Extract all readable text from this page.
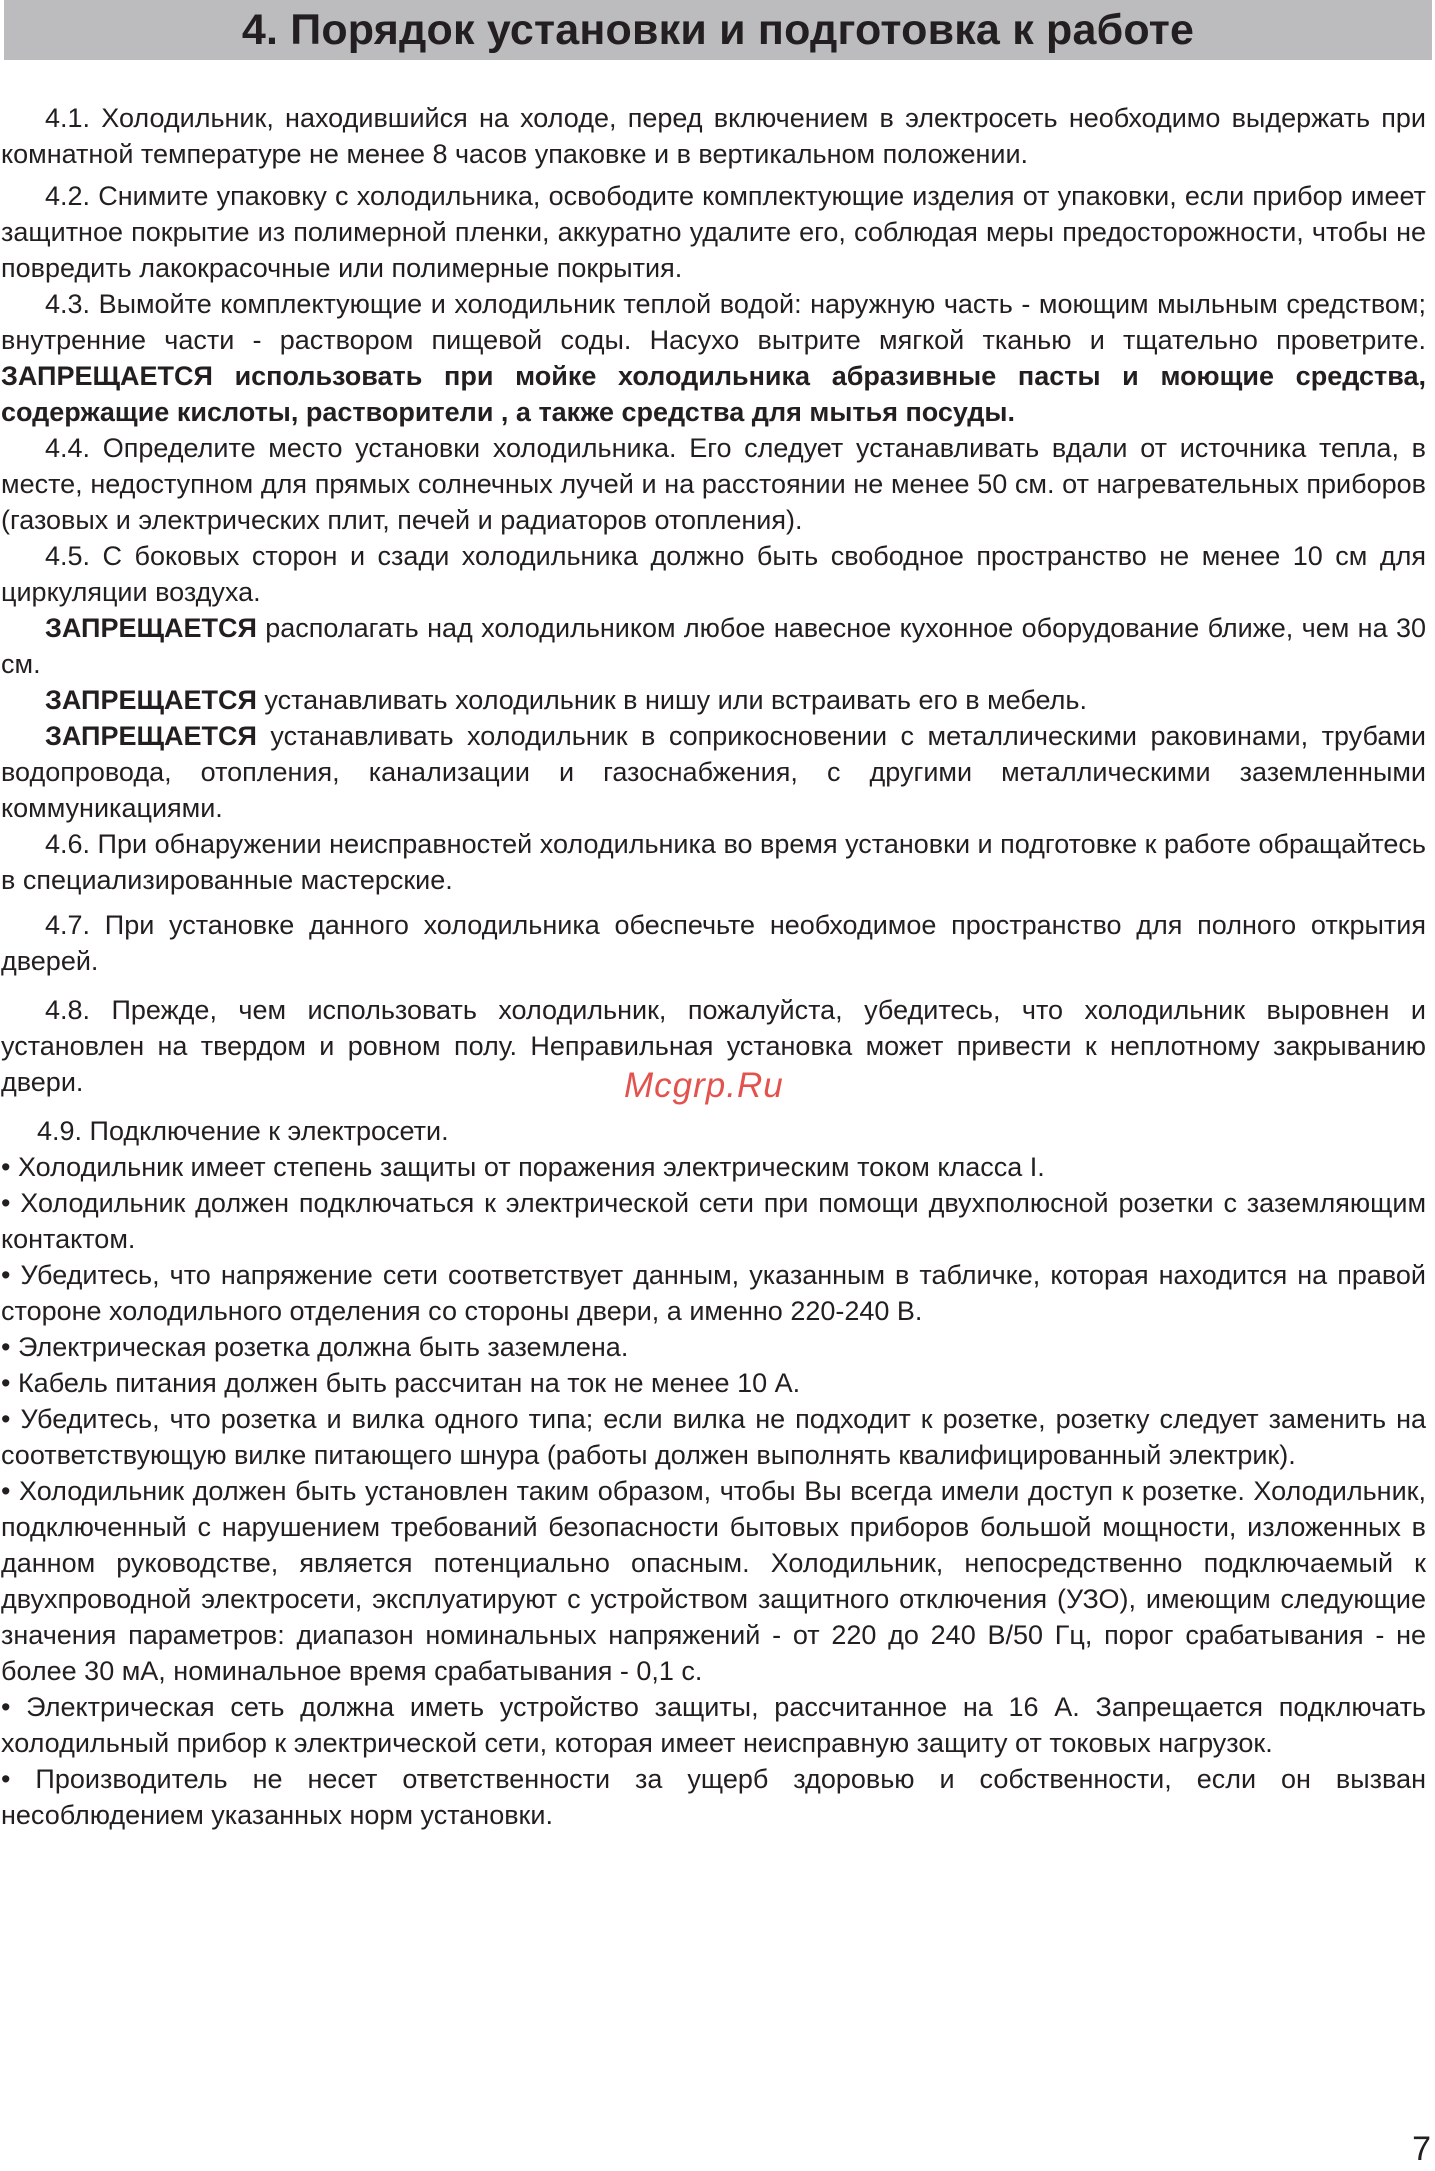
4. Порядок установки и подготовка к работе

4.1. Холодильник, находившийся на холоде, перед включением в электросеть необходимо выдержать при комнатной температуре не менее 8 часов упаковке и в вертикальном положении.

4.2. Снимите упаковку с холодильника, освободите комплектующие изделия от упаковки, если прибор имеет защитное покрытие из полимерной пленки, аккуратно удалите его, соблюдая меры предосторожности, чтобы не повредить лакокрасочные или полимерные покрытия.

4.3. Вымойте комплектующие и холодильник теплой водой: наружную часть - моющим мыльным средством; внутренние части - раствором пищевой соды. Насухо вытрите мягкой тканью и тщательно проветрите. ЗАПРЕЩАЕТСЯ использовать при мойке холодильника абразивные пасты и моющие средства, содержащие кислоты, растворители , а также средства для мытья посуды.

4.4. Определите место установки холодильника. Его следует устанавливать вдали от источника тепла, в месте, недоступном для прямых солнечных лучей и на расстоянии не менее 50 см. от нагревательных приборов (газовых и электрических плит, печей и радиаторов отопления).

4.5. С боковых сторон и сзади холодильника должно быть свободное пространство не менее 10 см для циркуляции воздуха.

ЗАПРЕЩАЕТСЯ располагать над холодильником любое навесное кухонное оборудование ближе, чем на 30 см.

ЗАПРЕЩАЕТСЯ устанавливать холодильник в нишу или встраивать его в мебель.

ЗАПРЕЩАЕТСЯ устанавливать холодильник в соприкосновении с металлическими раковинами, трубами водопровода, отопления, канализации и газоснабжения, с другими металлическими заземленными коммуникациями.

4.6. При обнаружении неисправностей холодильника во время установки и подготовке к работе обращайтесь в специализированные мастерские.

4.7. При установке данного холодильника обеспечьте необходимое пространство для полного открытия дверей.

4.8. Прежде, чем использовать холодильник, пожалуйста, убедитесь, что холодильник выровнен и установлен на твердом и ровном полу. Неправильная установка может привести к неплотному закрыванию двери.

4.9. Подключение к электросети.

• Холодильник имеет степень защиты от поражения электрическим током класса I.

• Холодильник должен подключаться к электрической сети при помощи двухполюсной розетки с заземляющим контактом.

• Убедитесь, что напряжение сети соответствует данным, указанным в табличке, которая находится на правой стороне холодильного отделения со стороны двери, а именно 220-240 В.

• Электрическая розетка должна быть заземлена.

• Кабель питания должен быть рассчитан на ток не менее 10 А.

• Убедитесь, что розетка и вилка одного типа; если вилка не подходит к розетке, розетку следует заменить на соответствующую вилке питающего шнура (работы должен выполнять квалифицированный электрик).

• Холодильник должен быть установлен таким образом, чтобы Вы всегда имели доступ к розетке. Холодильник, подключенный с нарушением требований безопасности бытовых приборов большой мощности, изложенных в данном руководстве, является потенциально опасным. Холодильник, непосредственно подключаемый к двухпроводной электросети, эксплуатируют с устройством защитного отключения (УЗО), имеющим следующие значения параметров: диапазон номинальных напряжений - от 220 до 240 В/50 Гц, порог срабатывания - не более 30 мА, номинальное время срабатывания - 0,1 с.

• Электрическая сеть должна иметь устройство защиты, рассчитанное на 16 А. Запрещается подключать холодильный прибор к электрической сети, которая имеет неисправную защиту от токовых нагрузок.

• Производитель не несет ответственности за ущерб здоровью и собственности, если он вызван несоблюдением указанных норм установки.

Mcgrp.Ru
7
